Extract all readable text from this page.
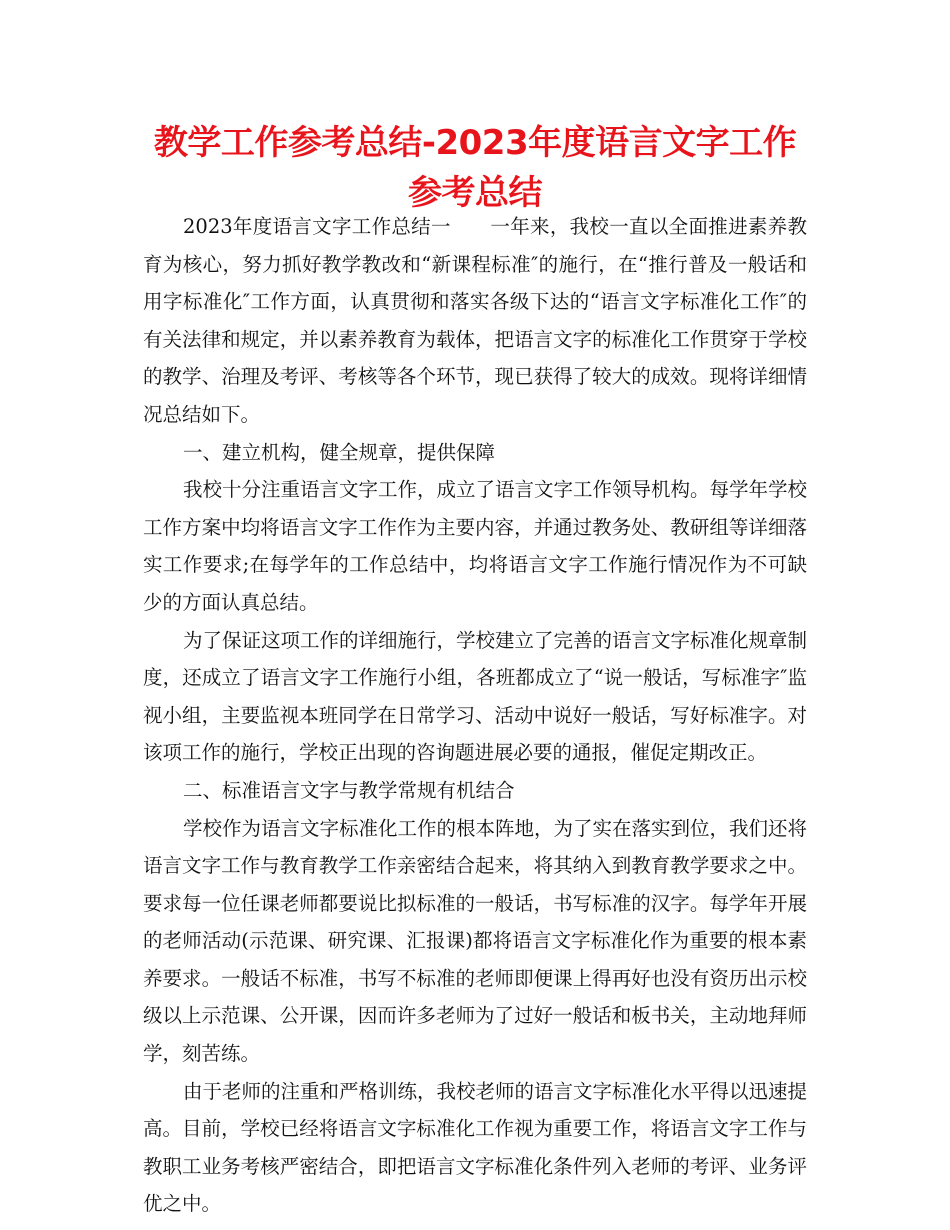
教学工作参考总结-2023年度语言文字工作参考总结

2023年度语言文字工作总结一　　一年来，我校一直以全面推进素养教育为核心，努力抓好教学教改和“新课程标准″的施行，在“推行普及一般话和用字标准化″工作方面，认真贯彻和落实各级下达的“语言文字标准化工作″的有关法律和规定，并以素养教育为载体，把语言文字的标准化工作贯穿于学校的教学、治理及考评、考核等各个环节，现已获得了较大的成效。现将详细情况总结如下。

一、建立机构，健全规章，提供保障

我校十分注重语言文字工作，成立了语言文字工作领导机构。每学年学校工作方案中均将语言文字工作作为主要内容，并通过教务处、教研组等详细落实工作要求;在每学年的工作总结中，均将语言文字工作施行情况作为不可缺少的方面认真总结。

为了保证这项工作的详细施行，学校建立了完善的语言文字标准化规章制度，还成立了语言文字工作施行小组，各班都成立了“说一般话，写标准字″监视小组，主要监视本班同学在日常学习、活动中说好一般话，写好标准字。对该项工作的施行，学校正出现的咨询题进展必要的通报，催促定期改正。

二、标准语言文字与教学常规有机结合

学校作为语言文字标准化工作的根本阵地，为了实在落实到位，我们还将语言文字工作与教育教学工作亲密结合起来，将其纳入到教育教学要求之中。要求每一位任课老师都要说比拟标准的一般话，书写标准的汉字。每学年开展的老师活动(示范课、研究课、汇报课)都将语言文字标准化作为重要的根本素养要求。一般话不标准，书写不标准的老师即便课上得再好也没有资历出示校级以上示范课、公开课，因而许多老师为了过好一般话和板书关，主动地拜师学，刻苦练。

由于老师的注重和严格训练，我校老师的语言文字标准化水平得以迅速提高。目前，学校已经将语言文字标准化工作视为重要工作，将语言文字工作与教职工业务考核严密结合，即把语言文字标准化条件列入老师的考评、业务评优之中。
